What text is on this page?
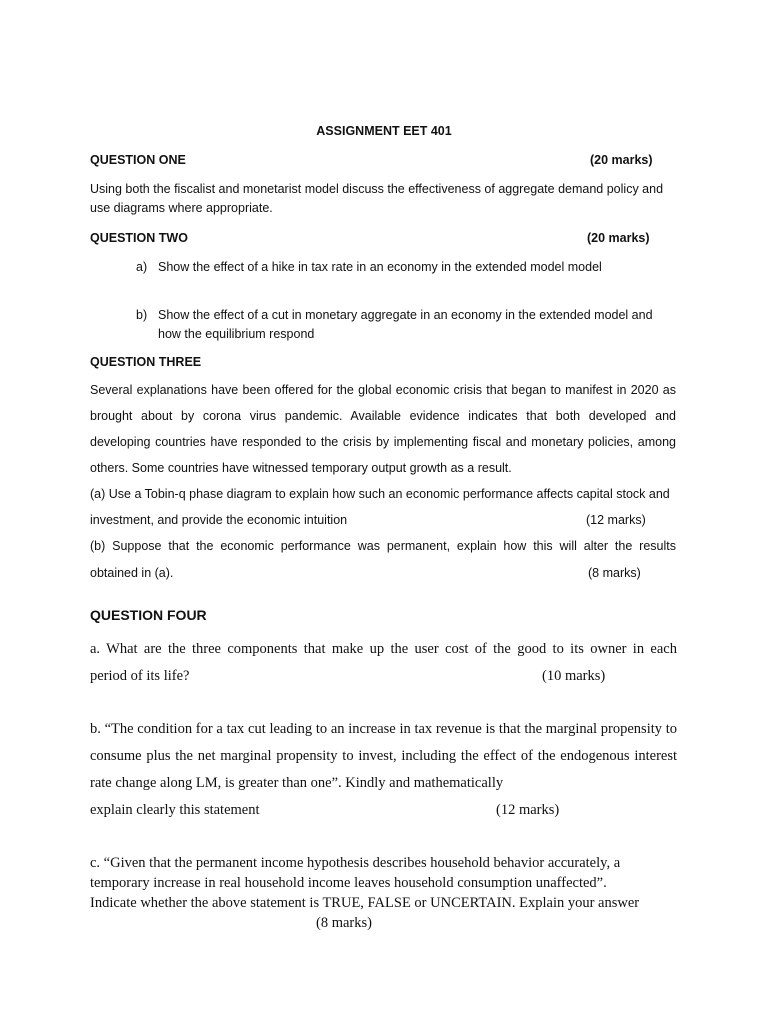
ASSIGNMENT EET 401

QUESTION ONE	(20 marks)

Using both the fiscalist and monetarist model discuss the effectiveness of aggregate demand policy and use diagrams where appropriate.

QUESTION TWO	(20 marks)

a) Show the effect of a hike in tax rate in an economy in the extended model model

b) Show the effect of a cut in monetary aggregate in an economy in the extended model and how the equilibrium respond

QUESTION THREE

Several explanations have been offered for the global economic crisis that began to manifest in 2020 as brought about by corona virus pandemic. Available evidence indicates that both developed and developing countries have responded to the crisis by implementing fiscal and monetary policies, among others. Some countries have witnessed temporary output growth as a result.

(a) Use a Tobin-q phase diagram to explain how such an economic performance affects capital stock and

investment, and provide the economic intuition	(12 marks)

(b) Suppose that the economic performance was permanent, explain how this will alter the results

obtained in (a).	(8 marks)

QUESTION FOUR

a. What are the three components that make up the user cost of the good to its owner in each

period of its life?	(10 marks)

b. “The condition for a tax cut leading to an increase in tax revenue is that the marginal propensity to consume plus the net marginal propensity to invest, including the effect of the endogenous interest rate change along LM, is greater than one”. Kindly and mathematically

explain clearly this statement	(12 marks)

c. “Given that the permanent income hypothesis describes household behavior accurately, a

temporary increase in real household income leaves household consumption unaffected”.

Indicate whether the above statement is TRUE, FALSE or UNCERTAIN. Explain your answer

(8 marks)
